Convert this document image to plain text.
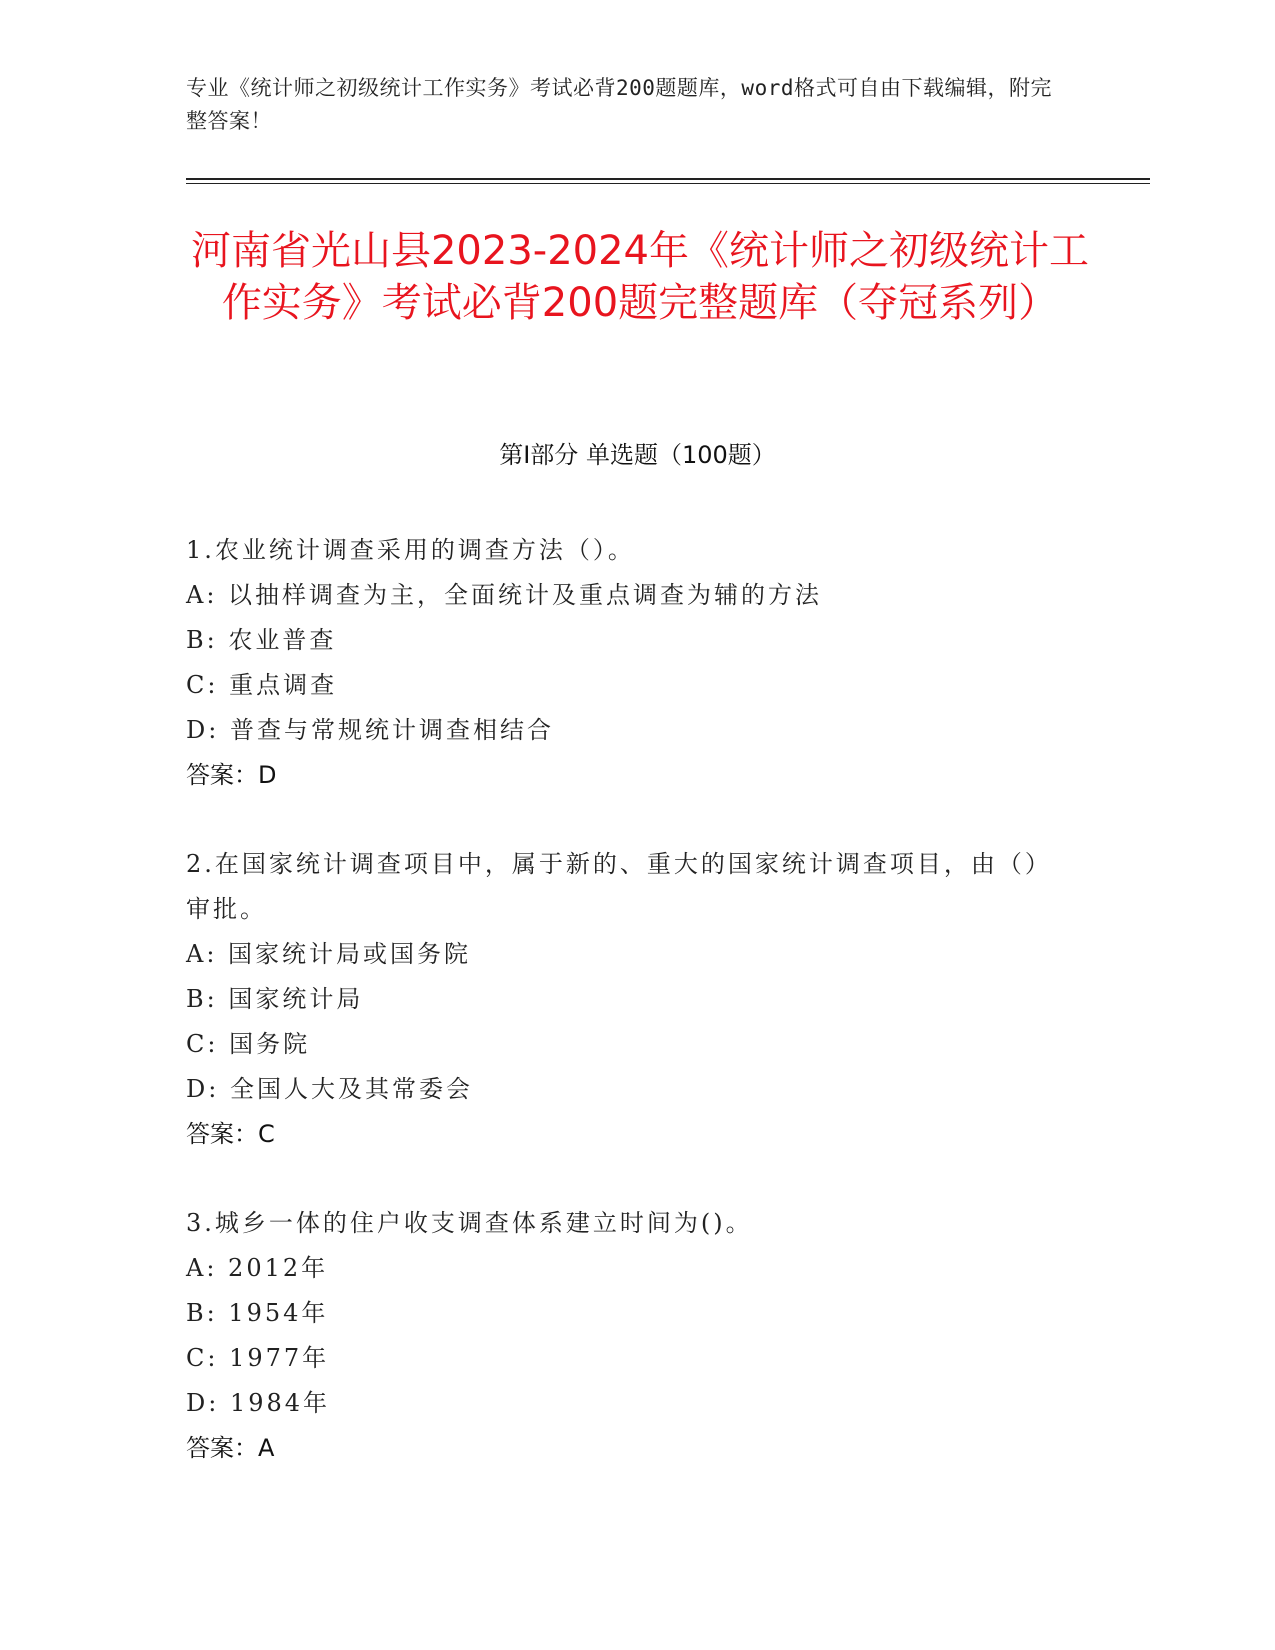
专业《统计师之初级统计工作实务》考试必背200题题库，word格式可自由下载编辑，附完整答案！
河南省光山县2023-2024年《统计师之初级统计工作实务》考试必背200题完整题库（夺冠系列）
第I部分 单选题（100题）
1.农业统计调查采用的调查方法（）。
A: 以抽样调查为主，全面统计及重点调查为辅的方法
B: 农业普查
C: 重点调查
D: 普查与常规统计调查相结合
答案：D
2.在国家统计调查项目中，属于新的、重大的国家统计调查项目，由（）审批。
A: 国家统计局或国务院
B: 国家统计局
C: 国务院
D: 全国人大及其常委会
答案：C
3.城乡一体的住户收支调查体系建立时间为()。
A: 2012年
B: 1954年
C: 1977年
D: 1984年
答案：A
